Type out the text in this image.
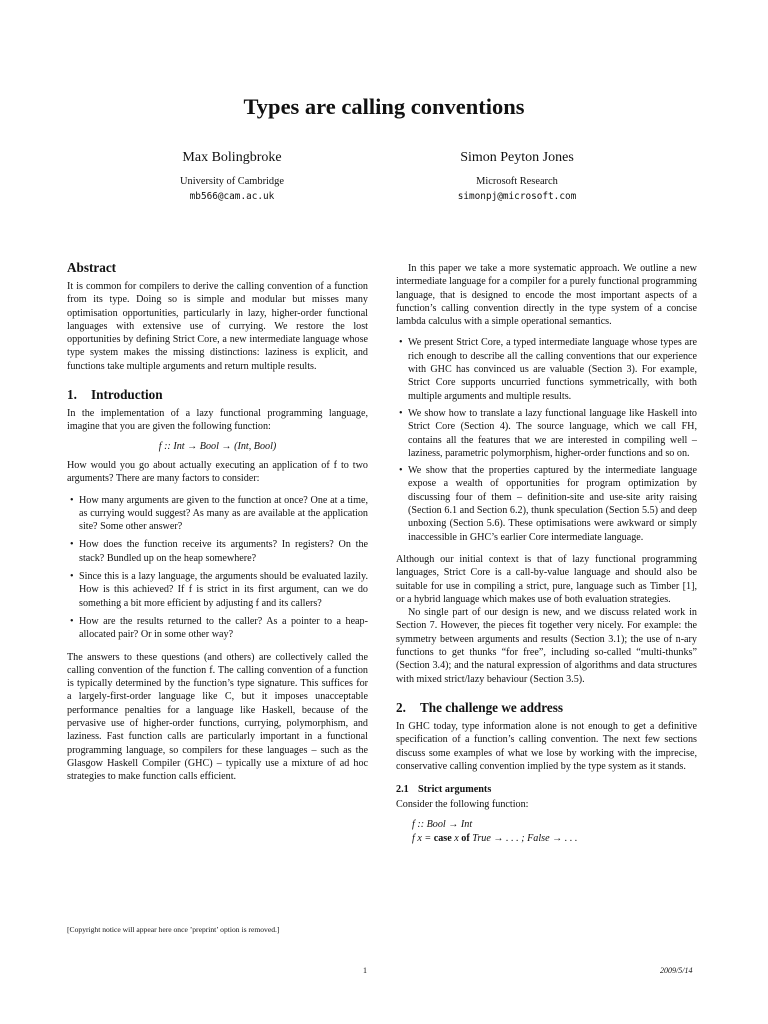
Types are calling conventions
Max Bolingbroke
University of Cambridge
mb566@cam.ac.uk
Simon Peyton Jones
Microsoft Research
simonpj@microsoft.com
Abstract

It is common for compilers to derive the calling convention of a function from its type. Doing so is simple and modular but misses many optimisation opportunities, particularly in lazy, higher-order functional languages with extensive use of currying. We restore the lost opportunities by defining Strict Core, a new intermediate language whose type system makes the missing distinctions: laziness is explicit, and functions take multiple arguments and return multiple results.

1. Introduction

In the implementation of a lazy functional programming language, imagine that you are given the following function:

f :: Int → Bool → (Int, Bool)

How would you go about actually executing an application of f to two arguments? There are many factors to consider:

• How many arguments are given to the function at once? One at a time, as currying would suggest? As many as are available at the application site? Some other answer?
• How does the function receive its arguments? In registers? On the stack? Bundled up on the heap somewhere?
• Since this is a lazy language, the arguments should be evaluated lazily. How is this achieved? If f is strict in its first argument, can we do something a bit more efficient by adjusting f and its callers?
• How are the results returned to the caller? As a pointer to a heap-allocated pair? Or in some other way?

The answers to these questions (and others) are collectively called the calling convention of the function f. The calling convention of a function is typically determined by the function’s type signature. This suffices for a largely-first-order language like C, but it imposes unacceptable performance penalties for a language like Haskell, because of the pervasive use of higher-order functions, currying, polymorphism, and laziness. Fast function calls are particularly important in a functional programming language, so compilers for these languages – such as the Glasgow Haskell Compiler (GHC) – typically use a mixture of ad hoc strategies to make function calls efficient.

In this paper we take a more systematic approach. We outline a new intermediate language for a compiler for a purely functional programming language, that is designed to encode the most important aspects of a function’s calling convention directly in the type system of a concise lambda calculus with a simple operational semantics.

• We present Strict Core, a typed intermediate language whose types are rich enough to describe all the calling conventions that our experience with GHC has convinced us are valuable (Section 3). For example, Strict Core supports uncurried functions symmetrically, with both multiple arguments and multiple results.
• We show how to translate a lazy functional language like Haskell into Strict Core (Section 4). The source language, which we call FH, contains all the features that we are interested in compiling well – laziness, parametric polymorphism, higher-order functions and so on.
• We show that the properties captured by the intermediate language expose a wealth of opportunities for program optimization by discussing four of them – definition-site and use-site arity raising (Section 6.1 and Section 6.2), thunk speculation (Section 5.5) and deep unboxing (Section 5.6). These optimisations were awkward or simply inaccessible in GHC’s earlier Core intermediate language.

Although our initial context is that of lazy functional programming languages, Strict Core is a call-by-value language and should also be suitable for use in compiling a strict, pure, language such as Timber [1], or a hybrid language which makes use of both evaluation strategies.

No single part of our design is new, and we discuss related work in Section 7. However, the pieces fit together very nicely. For example: the symmetry between arguments and results (Section 3.1); the use of n-ary functions to get thunks “for free”, including so-called “multi-thunks” (Section 3.4); and the natural expression of algorithms and data structures with mixed strict/lazy behaviour (Section 3.5).

2. The challenge we address

In GHC today, type information alone is not enough to get a definitive specification of a function’s calling convention. The next few sections discuss some examples of what we lose by working with the imprecise, conservative calling convention implied by the type system as it stands.

2.1 Strict arguments

Consider the following function:

f :: Bool → Int
f x = case x of True → . . . ; False → . . .
[Copyright notice will appear here once ’preprint’ option is removed.]
1	2009/5/14
